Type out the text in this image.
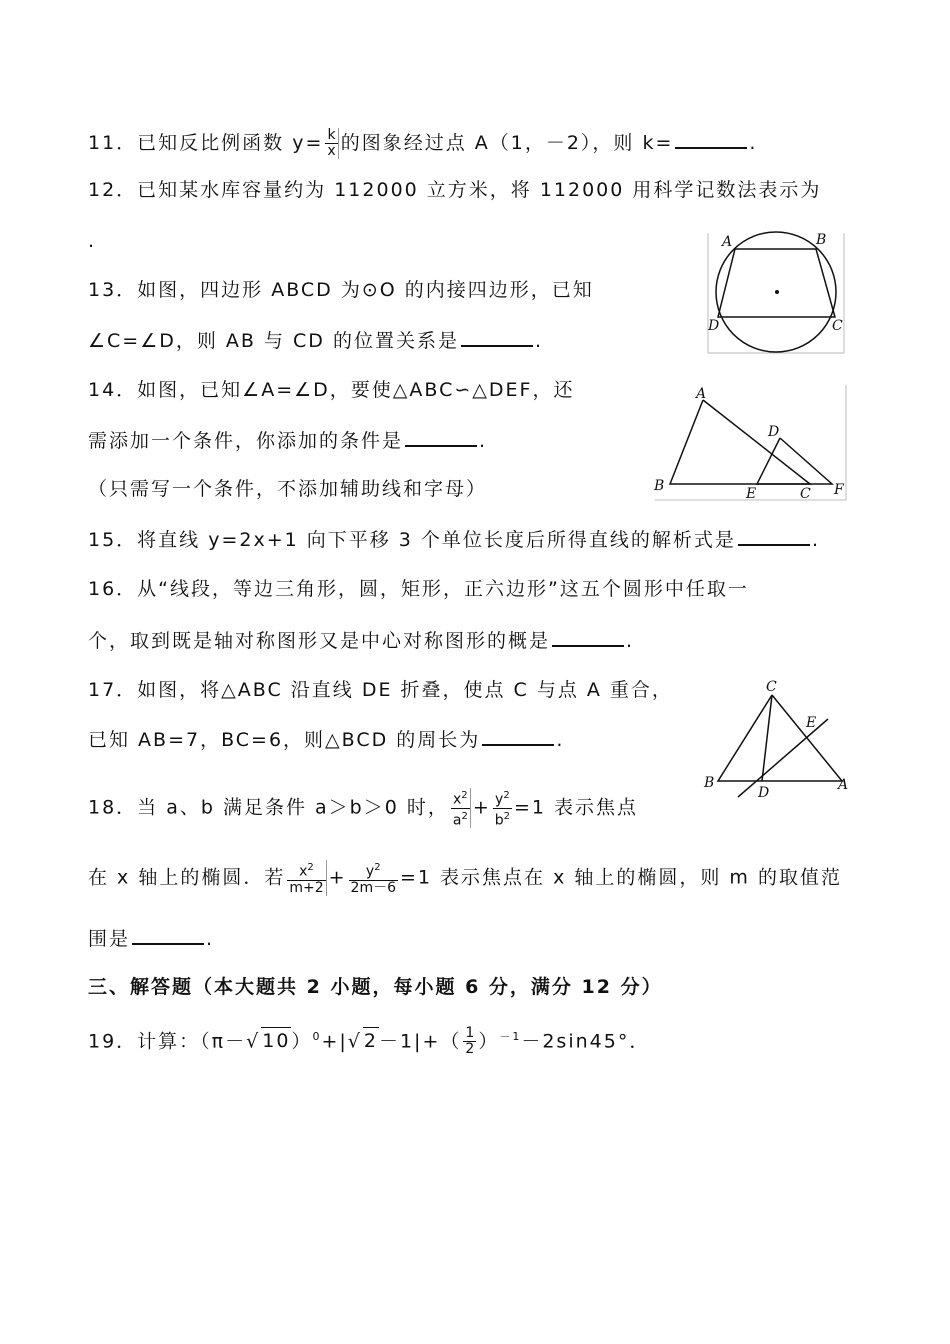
11．已知反比例函数 $y= \frac{k}{x}$ 的图象经过点 A（1，－2），则 k=	.
12．已知某水库容量约为 112000 立方米，将 112000 用科学记数法表示为
.
13．如图，四边形 ABCD 为⊙O 的内接四边形，已知
∠C=∠D，则 AB 与 CD 的位置关系是	.
A	B
C
D
14．如图，已知∠A=∠D，要使△ABC∽△DEF，还
需添加一个条件，你添加的条件是	.
（只需写一个条件，不添加辅助线和字母）
A
B	C
D
E	F
15．将直线 y=2x+1 向下平移 3 个单位长度后所得直线的解析式是	.
16．从“线段，等边三角形，圆，矩形，正六边形”这五个圆形中任取一
个，取到既是轴对称图形又是中心对称图形的概是	.
17．如图，将△ABC 沿直线 DE 折叠，使点 C 与点 A 重合，
已知 AB=7，BC=6，则△BCD 的周长为	.
C
B	A
D
E
18．当 a、b 满足条件 a＞b＞0 时， $\frac{x^2}{a^2} + \frac{y^2}{b^2} =1$ 表示焦点
在 x 轴上的椭圆．若 $\frac{x^2}{m+2} + \frac{y^2}{2m-6} =1$ 表示焦点在 x 轴上的椭圆，则 m 的取值范
围是	.
三、解答题（本大题共 2 小题，每小题 6 分，满分 12 分）
19．计算：（π－√ 10）$^0$+|√ $2-1|+( \frac{1}{2} )^{-1}-2\sin 45^\circ$．
